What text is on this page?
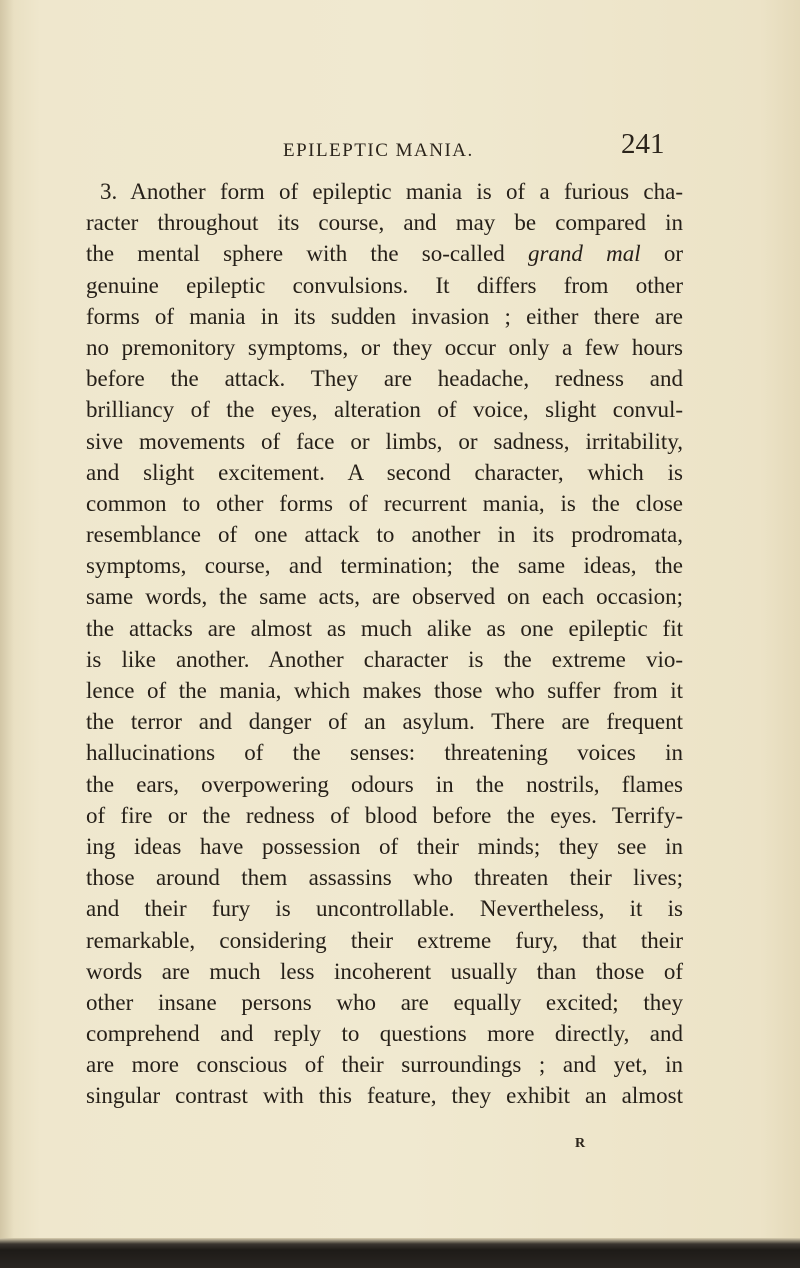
EPILEPTIC MANIA.	241
3. Another form of epileptic mania is of a furious cha-
racter throughout its course, and may be compared in
the mental sphere with the so-called grand mal or
genuine epileptic convulsions. It differs from other
forms of mania in its sudden invasion ; either there are
no premonitory symptoms, or they occur only a few hours
before the attack. They are headache, redness and
brilliancy of the eyes, alteration of voice, slight convul-
sive movements of face or limbs, or sadness, irritability,
and slight excitement. A second character, which is
common to other forms of recurrent mania, is the close
resemblance of one attack to another in its prodromata,
symptoms, course, and termination; the same ideas, the
same words, the same acts, are observed on each occasion;
the attacks are almost as much alike as one epileptic fit
is like another. Another character is the extreme vio-
lence of the mania, which makes those who suffer from it
the terror and danger of an asylum. There are frequent
hallucinations of the senses: threatening voices in
the ears, overpowering odours in the nostrils, flames
of fire or the redness of blood before the eyes. Terrify-
ing ideas have possession of their minds; they see in
those around them assassins who threaten their lives;
and their fury is uncontrollable. Nevertheless, it is
remarkable, considering their extreme fury, that their
words are much less incoherent usually than those of
other insane persons who are equally excited; they
comprehend and reply to questions more directly, and
are more conscious of their surroundings ; and yet, in
singular contrast with this feature, they exhibit an almost
R
